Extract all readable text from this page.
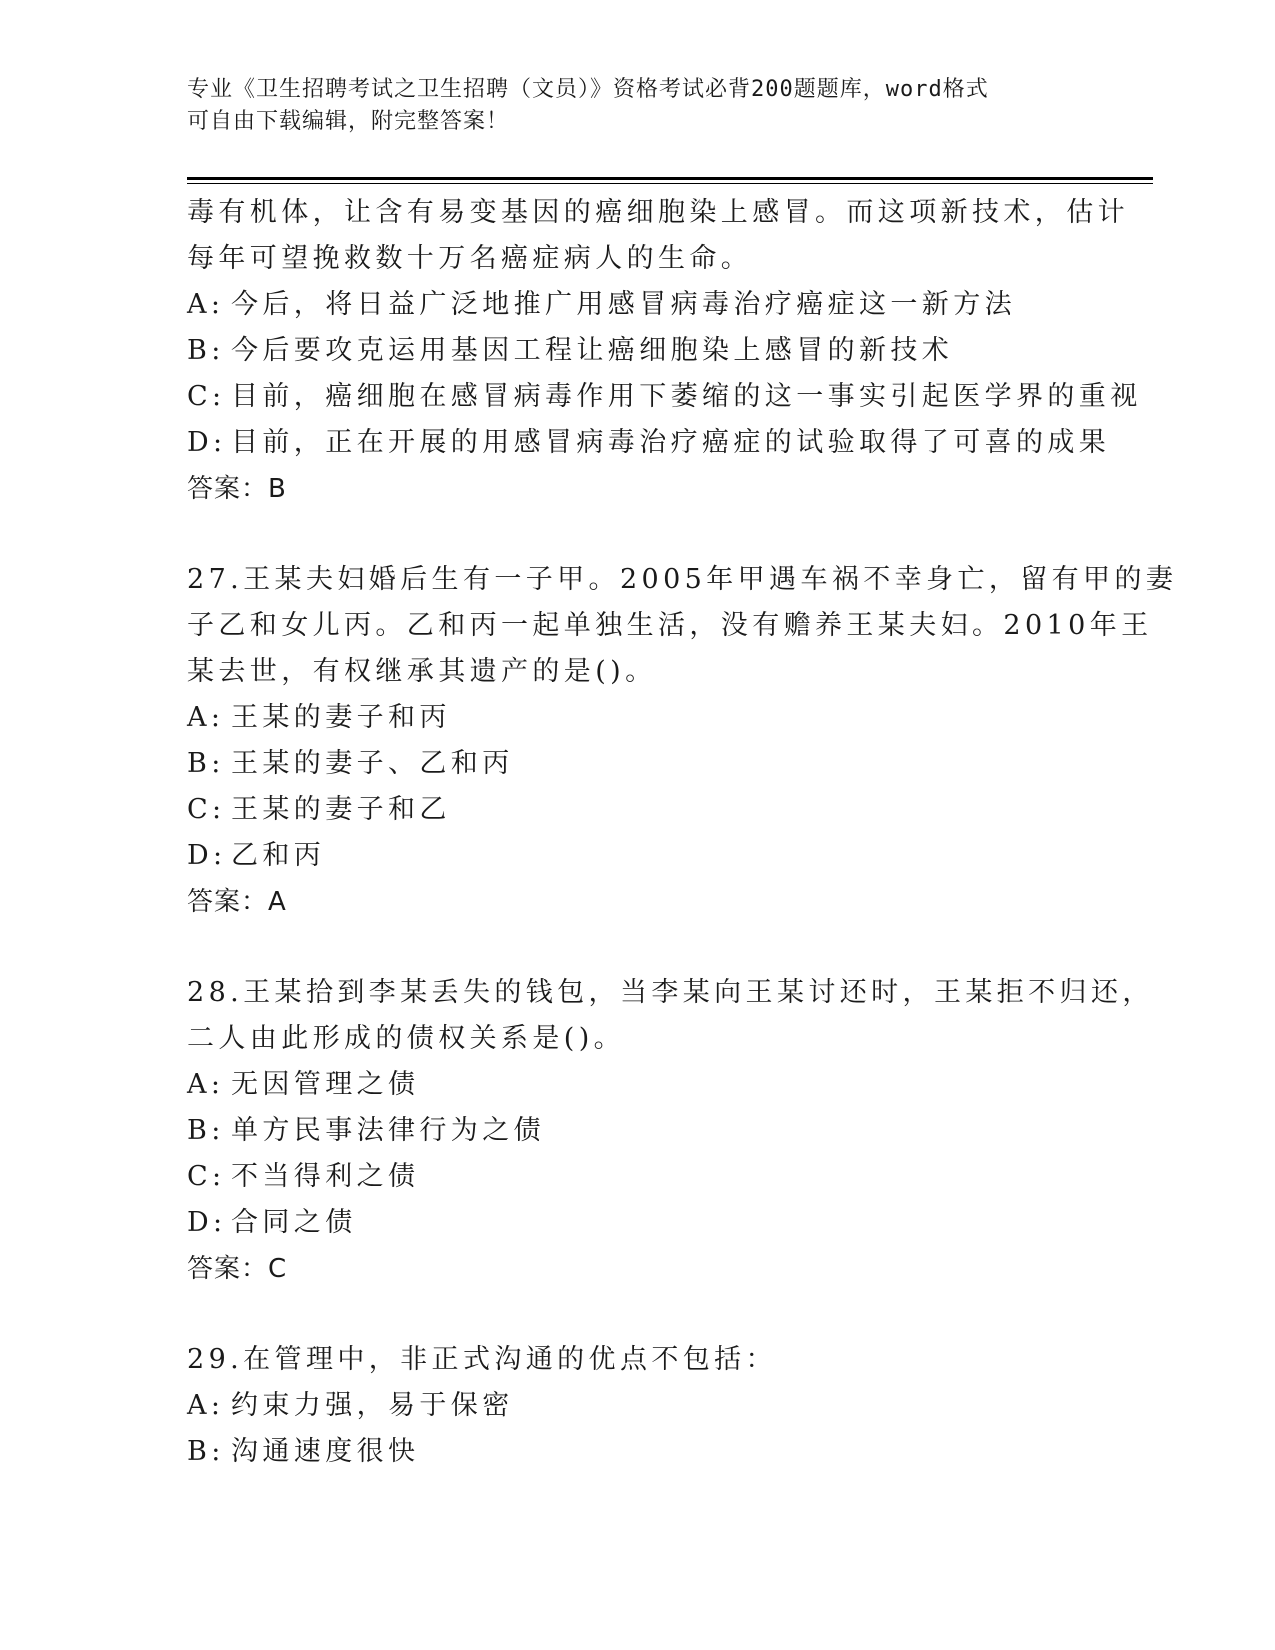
专业《卫生招聘考试之卫生招聘（文员）》资格考试必背200题题库，word格式
可自由下载编辑，附完整答案！
毒有机体，让含有易变基因的癌细胞染上感冒。而这项新技术，估计
每年可望挽救数十万名癌症病人的生命。
A: 今后，将日益广泛地推广用感冒病毒治疗癌症这一新方法
B: 今后要攻克运用基因工程让癌细胞染上感冒的新技术
C: 目前，癌细胞在感冒病毒作用下萎缩的这一事实引起医学界的重视
D: 目前，正在开展的用感冒病毒治疗癌症的试验取得了可喜的成果
答案：B
27.王某夫妇婚后生有一子甲。2005年甲遇车祸不幸身亡，留有甲的妻
子乙和女儿丙。乙和丙一起单独生活，没有赡养王某夫妇。2010年王
某去世，有权继承其遗产的是()。
A: 王某的妻子和丙
B: 王某的妻子、乙和丙
C: 王某的妻子和乙
D: 乙和丙
答案：A
28.王某拾到李某丢失的钱包，当李某向王某讨还时，王某拒不归还，
二人由此形成的债权关系是()。
A: 无因管理之债
B: 单方民事法律行为之债
C: 不当得利之债
D: 合同之债
答案：C
29.在管理中，非正式沟通的优点不包括：
A: 约束力强，易于保密
B: 沟通速度很快
